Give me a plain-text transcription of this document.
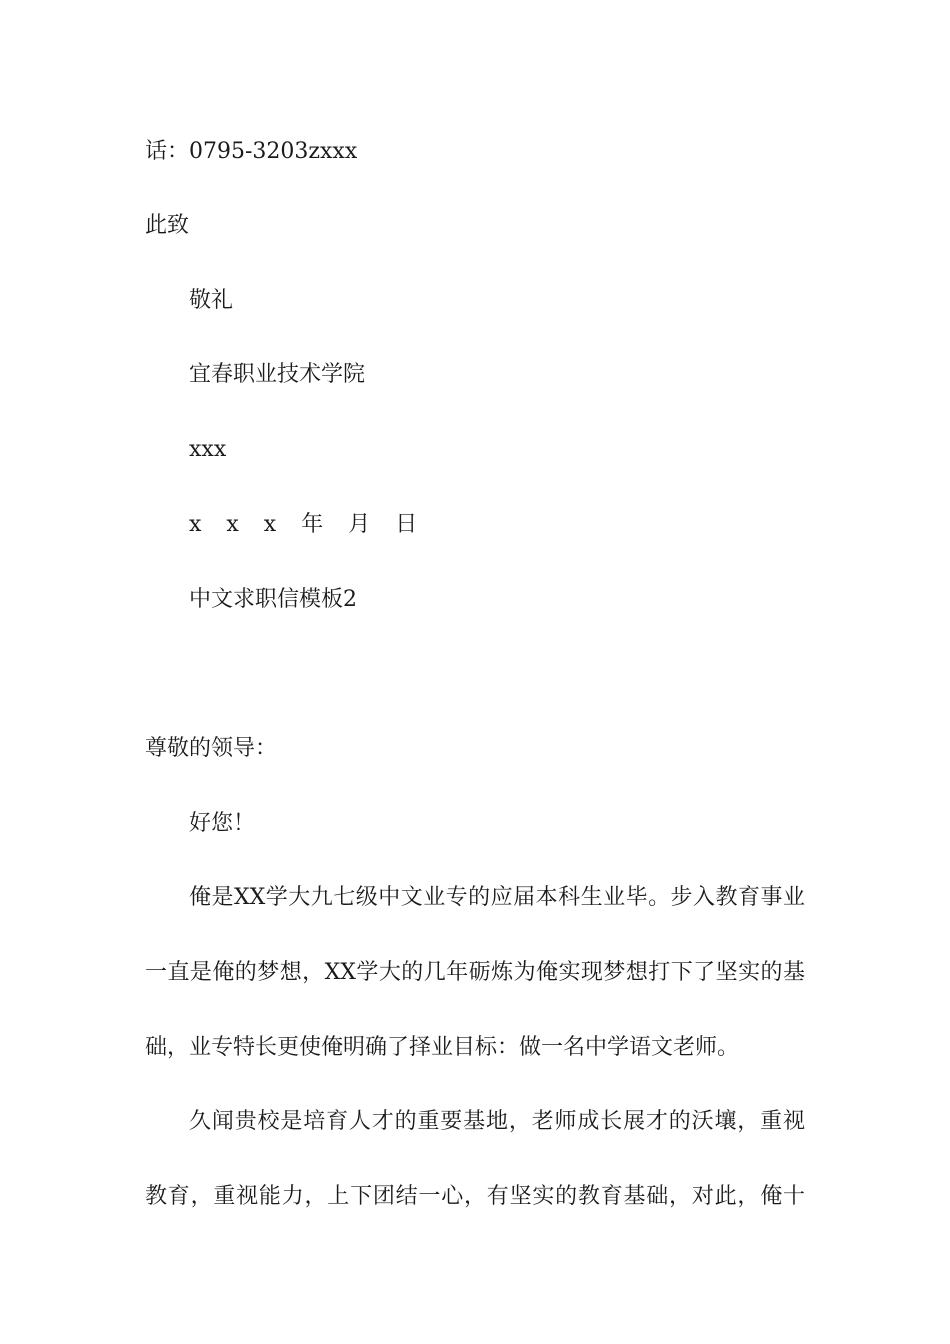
话：0795-3203zxxx
此致
敬礼
宜春职业技术学院
xxx
x x x 年 月 日
中文求职信模板2
尊敬的领导：
好您！
俺是XX学大九七级中文业专的应届本科生业毕。步入教育事业
一直是俺的梦想，XX学大的几年砺炼为俺实现梦想打下了坚实的基
础，业专特长更使俺明确了择业目标：做一名中学语文老师。
久闻贵校是培育人才的重要基地，老师成长展才的沃壤，重视
教育，重视能力，上下团结一心，有坚实的教育基础，对此，俺十
